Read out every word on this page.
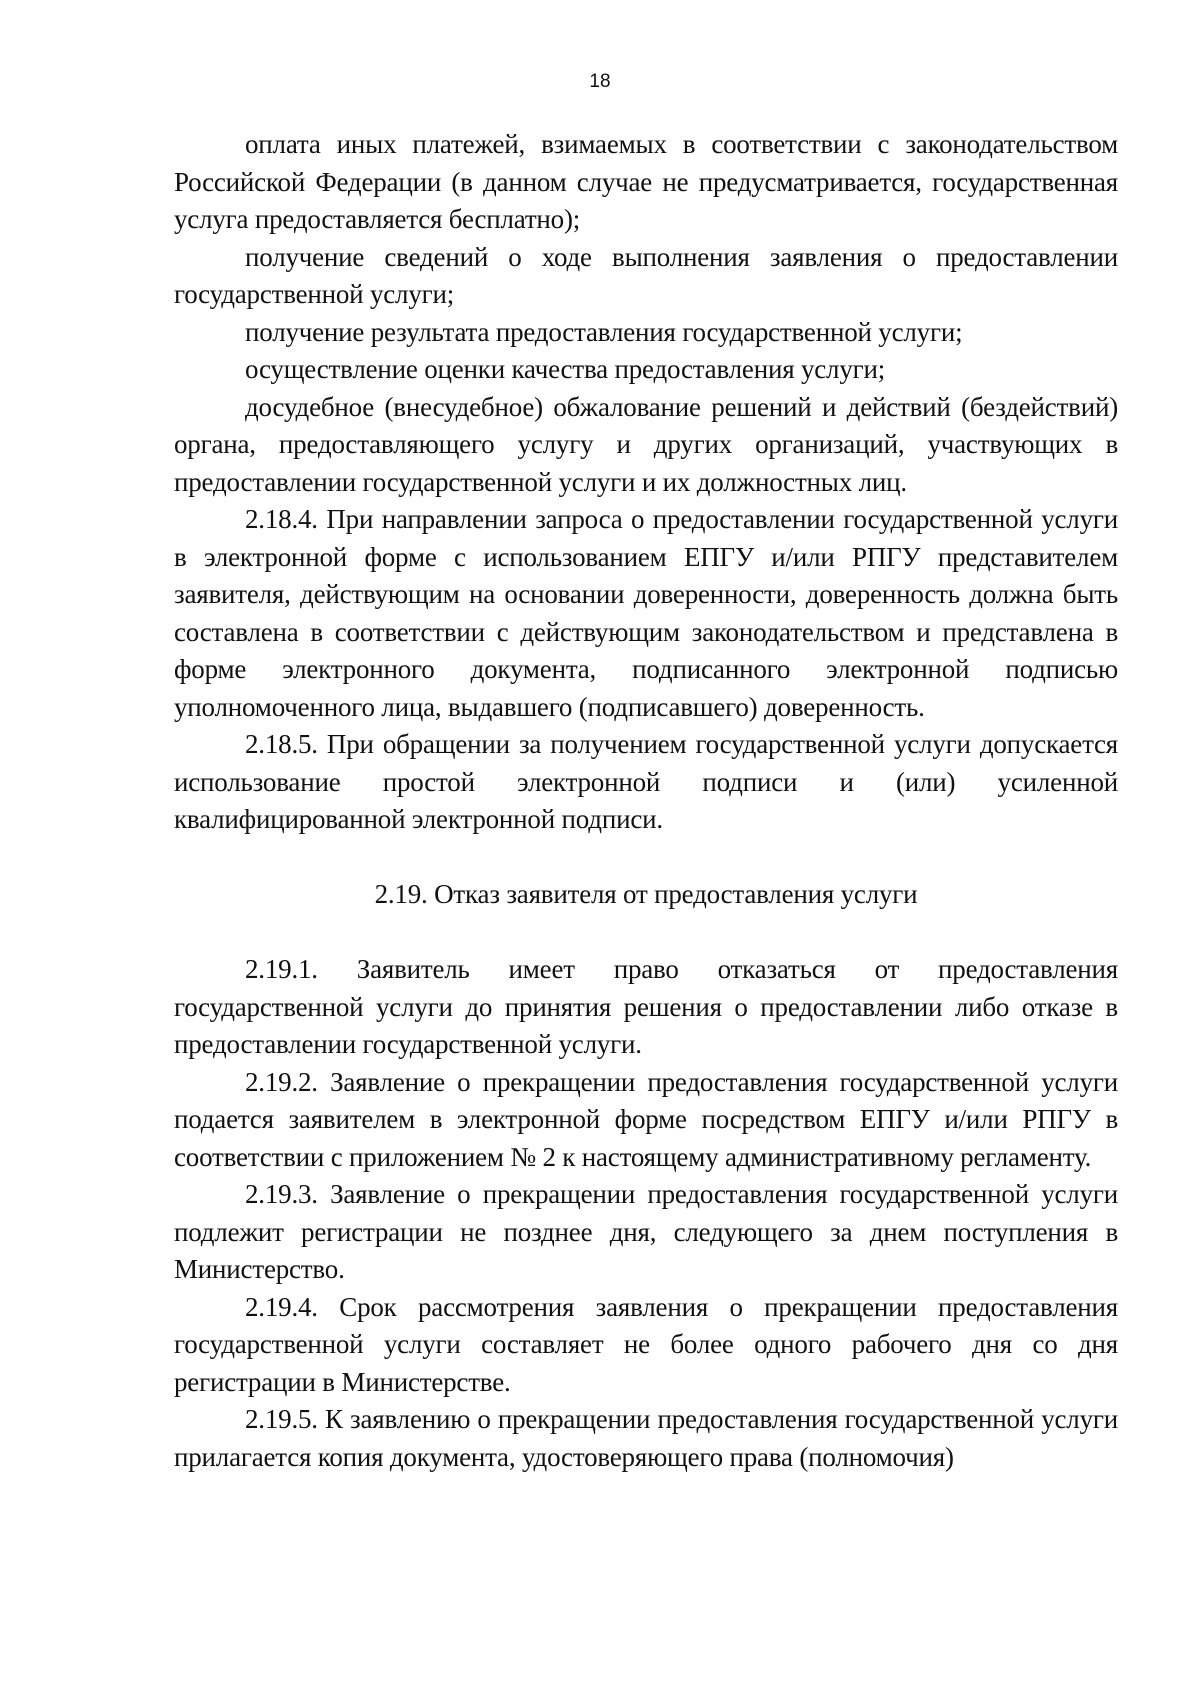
18

оплата иных платежей, взимаемых в соответствии с законодательством Российской Федерации (в данном случае не предусматривается, государственная услуга предоставляется бесплатно);

получение сведений о ходе выполнения заявления о предоставлении государственной услуги;

получение результата предоставления государственной услуги;

осуществление оценки качества предоставления услуги;

досудебное (внесудебное) обжалование решений и действий (бездействий) органа, предоставляющего услугу и других организаций, участвующих в предоставлении государственной услуги и их должностных лиц.

2.18.4. При направлении запроса о предоставлении государственной услуги в электронной форме с использованием ЕПГУ и/или РПГУ представителем заявителя, действующим на основании доверенности, доверенность должна быть составлена в соответствии с действующим законодательством и представлена в форме электронного документа, подписанного электронной подписью уполномоченного лица, выдавшего (подписавшего) доверенность.

2.18.5. При обращении за получением государственной услуги допускается использование простой электронной подписи и (или) усиленной квалифицированной электронной подписи.

2.19. Отказ заявителя от предоставления услуги

2.19.1. Заявитель имеет право отказаться от предоставления государственной услуги до принятия решения о предоставлении либо отказе в предоставлении государственной услуги.

2.19.2. Заявление о прекращении предоставления государственной услуги подается заявителем в электронной форме посредством ЕПГУ и/или РПГУ в соответствии с приложением № 2 к настоящему административному регламенту.

2.19.3. Заявление о прекращении предоставления государственной услуги подлежит регистрации не позднее дня, следующего за днем поступления в Министерство.

2.19.4. Срок рассмотрения заявления о прекращении предоставления государственной услуги составляет не более одного рабочего дня со дня регистрации в Министерстве.

2.19.5. К заявлению о прекращении предоставления государственной услуги прилагается копия документа, удостоверяющего права (полномочия)
